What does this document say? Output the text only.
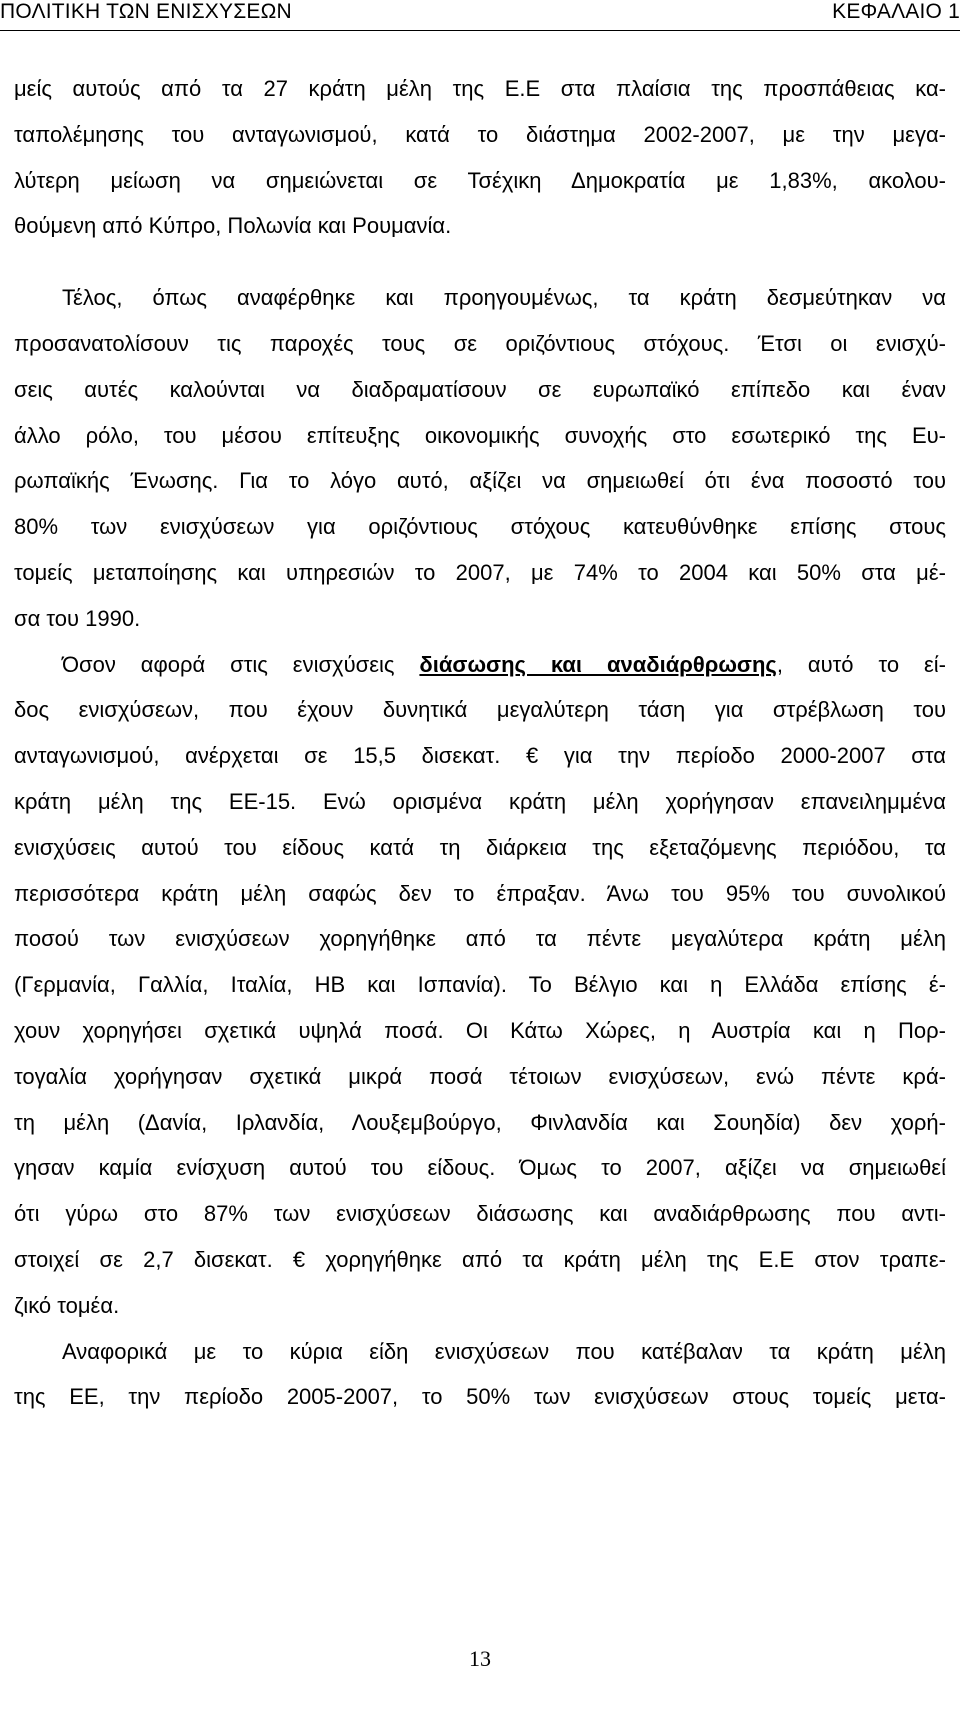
ΠΟΛΙΤΙΚΗ ΤΩΝ ΕΝΙΣΧΥΣΕΩΝ	ΚΕΦΑΛΑΙΟ 1
μείς αυτούς από τα 27 κράτη μέλη της Ε.Ε στα πλαίσια της προσπάθειας κα-
ταπολέμησης του ανταγωνισμού, κατά το διάστημα 2002-2007, με την μεγα-
λύτερη μείωση να σημειώνεται σε Τσέχικη Δημοκρατία με 1,83%, ακολου-
θούμενη από Κύπρο, Πολωνία και Ρουμανία.
Τέλος, όπως αναφέρθηκε και προηγουμένως, τα κράτη δεσμεύτηκαν να
προσανατολίσουν τις παροχές τους σε οριζόντιους στόχους. Έτσι οι ενισχύ-
σεις αυτές καλούνται να διαδραματίσουν σε ευρωπαϊκό επίπεδο και έναν
άλλο ρόλο, του μέσου επίτευξης οικονομικής συνοχής στο εσωτερικό της Ευ-
ρωπαϊκής Ένωσης. Για το λόγο αυτό, αξίζει να σημειωθεί ότι ένα ποσοστό του
80% των ενισχύσεων για οριζόντιους στόχους κατευθύνθηκε επίσης στους
τομείς μεταποίησης και υπηρεσιών το 2007, με 74% το 2004 και 50% στα μέ-
σα του 1990.
Όσον αφορά στις ενισχύσεις διάσωσης και αναδιάρθρωσης, αυτό το εί-
δος ενισχύσεων, που έχουν δυνητικά μεγαλύτερη τάση για στρέβλωση του
ανταγωνισμού, ανέρχεται σε 15,5 δισεκατ. € για την περίοδο 2000-2007 στα
κράτη μέλη της ΕΕ-15. Ενώ ορισμένα κράτη μέλη χορήγησαν επανειλημμένα
ενισχύσεις αυτού του είδους κατά τη διάρκεια της εξεταζόμενης περιόδου, τα
περισσότερα κράτη μέλη σαφώς δεν το έπραξαν. Άνω του 95% του συνολικού
ποσού των ενισχύσεων χορηγήθηκε από τα πέντε μεγαλύτερα κράτη μέλη
(Γερμανία, Γαλλία, Ιταλία, ΗΒ και Ισπανία). Το Βέλγιο και η Ελλάδα επίσης έ-
χουν χορηγήσει σχετικά υψηλά ποσά. Οι Κάτω Χώρες, η Αυστρία και η Πορ-
τογαλία χορήγησαν σχετικά μικρά ποσά τέτοιων ενισχύσεων, ενώ πέντε κρά-
τη μέλη (Δανία, Ιρλανδία, Λουξεμβούργο, Φινλανδία και Σουηδία) δεν χορή-
γησαν καμία ενίσχυση αυτού του είδους. Όμως το 2007, αξίζει να σημειωθεί
ότι γύρω στο 87% των ενισχύσεων διάσωσης και αναδιάρθρωσης που αντι-
στοιχεί σε 2,7 δισεκατ. € χορηγήθηκε από τα κράτη μέλη της Ε.Ε στον τραπε-
ζικό τομέα.
Αναφορικά με το κύρια είδη ενισχύσεων που κατέβαλαν τα κράτη μέλη
της ΕΕ, την περίοδο 2005-2007, το 50% των ενισχύσεων στους τομείς μετα-
13
